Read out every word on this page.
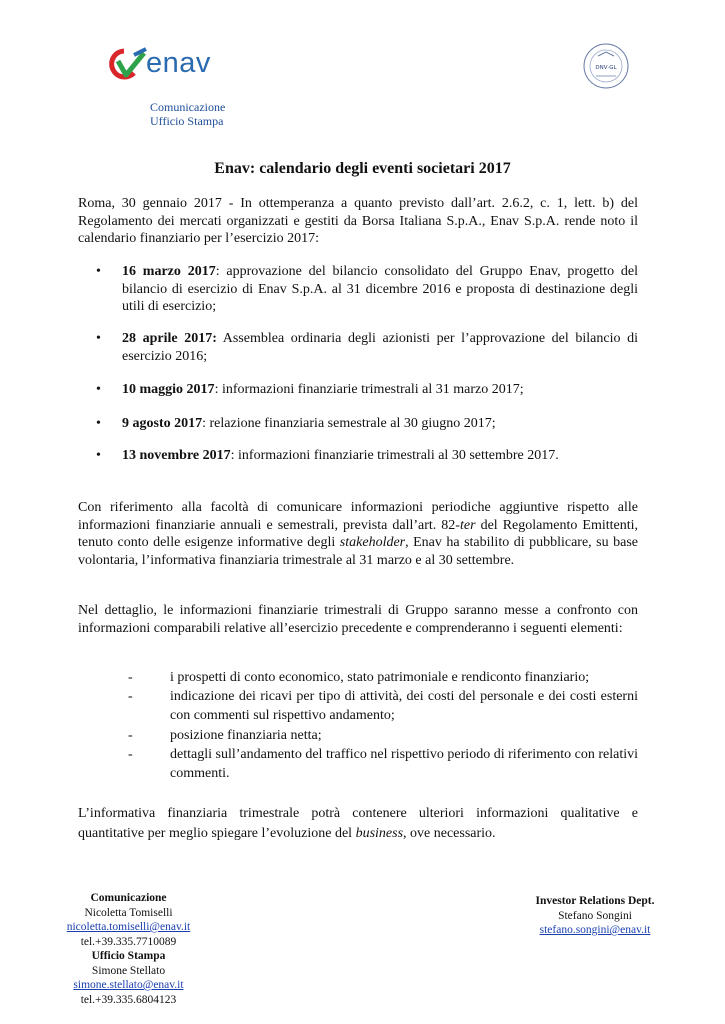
enav	DNV·GL
Comunicazione
Ufficio Stampa
Enav: calendario degli eventi societari 2017
Roma, 30 gennaio 2017 - In ottemperanza a quanto previsto dall’art. 2.6.2, c. 1, lett. b) del Regolamento dei mercati organizzati e gestiti da Borsa Italiana S.p.A., Enav S.p.A. rende noto il calendario finanziario per l’esercizio 2017:
• 16 marzo 2017: approvazione del bilancio consolidato del Gruppo Enav, progetto del bilancio di esercizio di Enav S.p.A. al 31 dicembre 2016 e proposta di destinazione degli utili di esercizio;
• 28 aprile 2017: Assemblea ordinaria degli azionisti per l’approvazione del bilancio di esercizio 2016;
• 10 maggio 2017: informazioni finanziarie trimestrali al 31 marzo 2017;
• 9 agosto 2017: relazione finanziaria semestrale al 30 giugno 2017;
• 13 novembre 2017: informazioni finanziarie trimestrali al 30 settembre 2017.
Con riferimento alla facoltà di comunicare informazioni periodiche aggiuntive rispetto alle informazioni finanziarie annuali e semestrali, prevista dall’art. 82-ter del Regolamento Emittenti, tenuto conto delle esigenze informative degli stakeholder, Enav ha stabilito di pubblicare, su base volontaria, l’informativa finanziaria trimestrale al 31 marzo e al 30 settembre.
Nel dettaglio, le informazioni finanziarie trimestrali di Gruppo saranno messe a confronto con informazioni comparabili relative all’esercizio precedente e comprenderanno i seguenti elementi:
-	i prospetti di conto economico, stato patrimoniale e rendiconto finanziario;
-	indicazione dei ricavi per tipo di attività, dei costi del personale e dei costi esterni con commenti sul rispettivo andamento;
-	posizione finanziaria netta;
-	dettagli sull’andamento del traffico nel rispettivo periodo di riferimento con relativi commenti.
L’informativa finanziaria trimestrale potrà contenere ulteriori informazioni qualitative e quantitative per meglio spiegare l’evoluzione del business, ove necessario.
Comunicazione
Nicoletta Tomiselli
nicoletta.tomiselli@enav.it
tel.+39.335.7710089
Ufficio Stampa
Simone Stellato
simone.stellato@enav.it
tel.+39.335.6804123
Investor Relations Dept.
Stefano Songini
stefano.songini@enav.it
